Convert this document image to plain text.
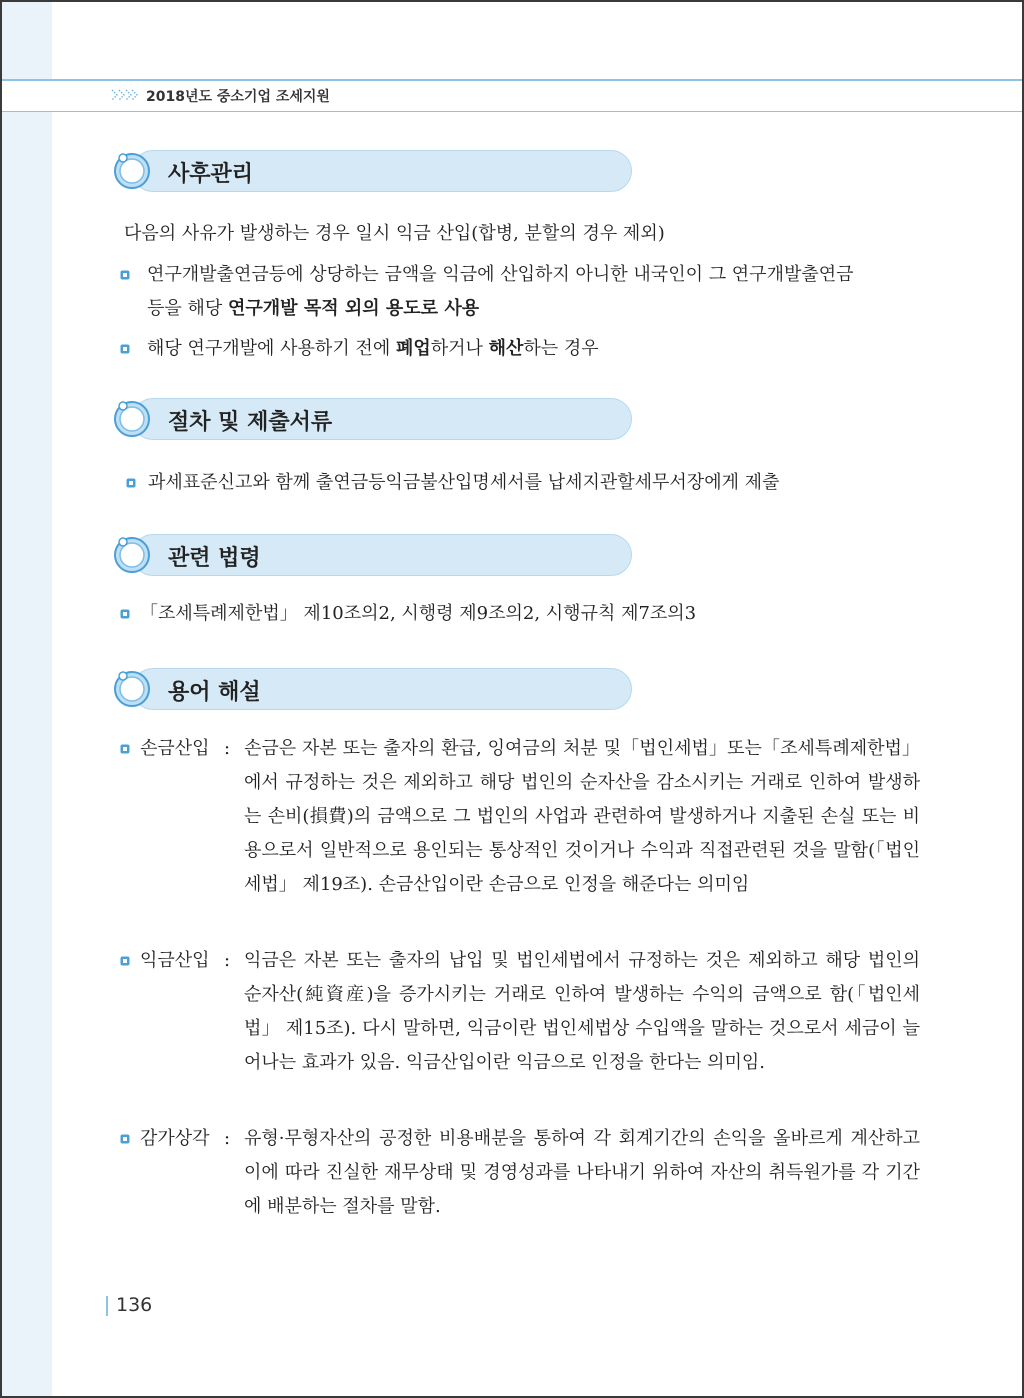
2018년도 중소기업 조세지원
사후관리
다음의 사유가 발생하는 경우 일시 익금 산입(합병, 분할의 경우 제외)
연구개발출연금등에 상당하는 금액을 익금에 산입하지 아니한 내국인이 그 연구개발출연금
등을 해당 연구개발 목적 외의 용도로 사용
해당 연구개발에 사용하기 전에 폐업하거나 해산하는 경우
절차 및 제출서류
과세표준신고와 함께 출연금등익금불산입명세서를 납세지관할세무서장에게 제출
관련 법령
「조세특례제한법」 제10조의2, 시행령 제9조의2, 시행규칙 제7조의3
용어 해설
손금산입 : 손금은 자본 또는 출자의 환급, 잉여금의 처분 및「법인세법」또는「조세특례제한법」에서 규정하는 것은 제외하고 해당 법인의 순자산을 감소시키는 거래로 인하여 발생하는 손비(損費)의 금액으로 그 법인의 사업과 관련하여 발생하거나 지출된 손실 또는 비용으로서 일반적으로 용인되는 통상적인 것이거나 수익과 직접관련된 것을 말함(「법인세법」 제19조). 손금산입이란 손금으로 인정을 해준다는 의미임
익금산입 : 익금은 자본 또는 출자의 납입 및 법인세법에서 규정하는 것은 제외하고 해당 법인의 순자산(純資産)을 증가시키는 거래로 인하여 발생하는 수익의 금액으로 함(「법인세법」 제15조). 다시 말하면, 익금이란 법인세법상 수입액을 말하는 것으로서 세금이 늘어나는 효과가 있음. 익금산입이란 익금으로 인정을 한다는 의미임.
감가상각 : 유형·무형자산의 공정한 비용배분을 통하여 각 회계기간의 손익을 올바르게 계산하고 이에 따라 진실한 재무상태 및 경영성과를 나타내기 위하여 자산의 취득원가를 각 기간에 배분하는 절차를 말함.
136
